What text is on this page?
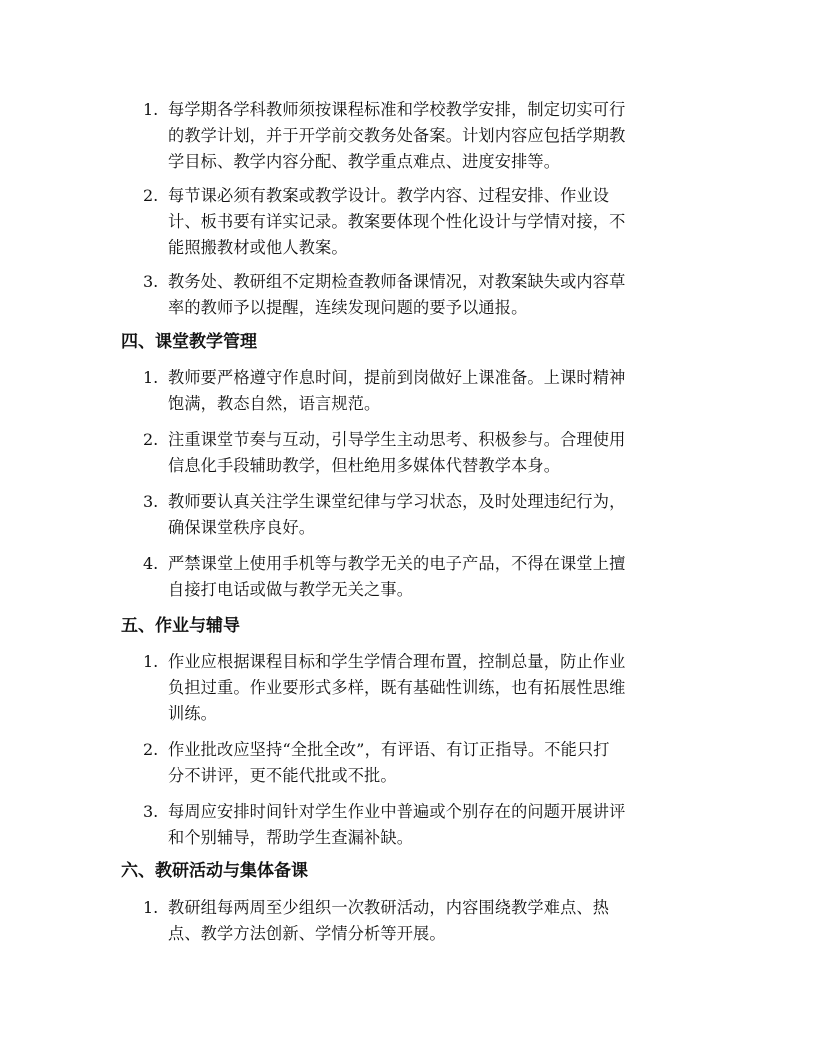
1. 每学期各学科教师须按课程标准和学校教学安排，制定切实可行
的教学计划，并于开学前交教务处备案。计划内容应包括学期教
学目标、教学内容分配、教学重点难点、进度安排等。
2. 每节课必须有教案或教学设计。教学内容、过程安排、作业设
计、板书要有详实记录。教案要体现个性化设计与学情对接，不
能照搬教材或他人教案。
3. 教务处、教研组不定期检查教师备课情况，对教案缺失或内容草
率的教师予以提醒，连续发现问题的要予以通报。
四、课堂教学管理
1. 教师要严格遵守作息时间，提前到岗做好上课准备。上课时精神
饱满，教态自然，语言规范。
2. 注重课堂节奏与互动，引导学生主动思考、积极参与。合理使用
信息化手段辅助教学，但杜绝用多媒体代替教学本身。
3. 教师要认真关注学生课堂纪律与学习状态，及时处理违纪行为，
确保课堂秩序良好。
4. 严禁课堂上使用手机等与教学无关的电子产品，不得在课堂上擅
自接打电话或做与教学无关之事。
五、作业与辅导
1. 作业应根据课程目标和学生学情合理布置，控制总量，防止作业
负担过重。作业要形式多样，既有基础性训练，也有拓展性思维
训练。
2. 作业批改应坚持“全批全改”，有评语、有订正指导。不能只打
分不讲评，更不能代批或不批。
3. 每周应安排时间针对学生作业中普遍或个别存在的问题开展讲评
和个别辅导，帮助学生查漏补缺。
六、教研活动与集体备课
1. 教研组每两周至少组织一次教研活动，内容围绕教学难点、热
点、教学方法创新、学情分析等开展。
